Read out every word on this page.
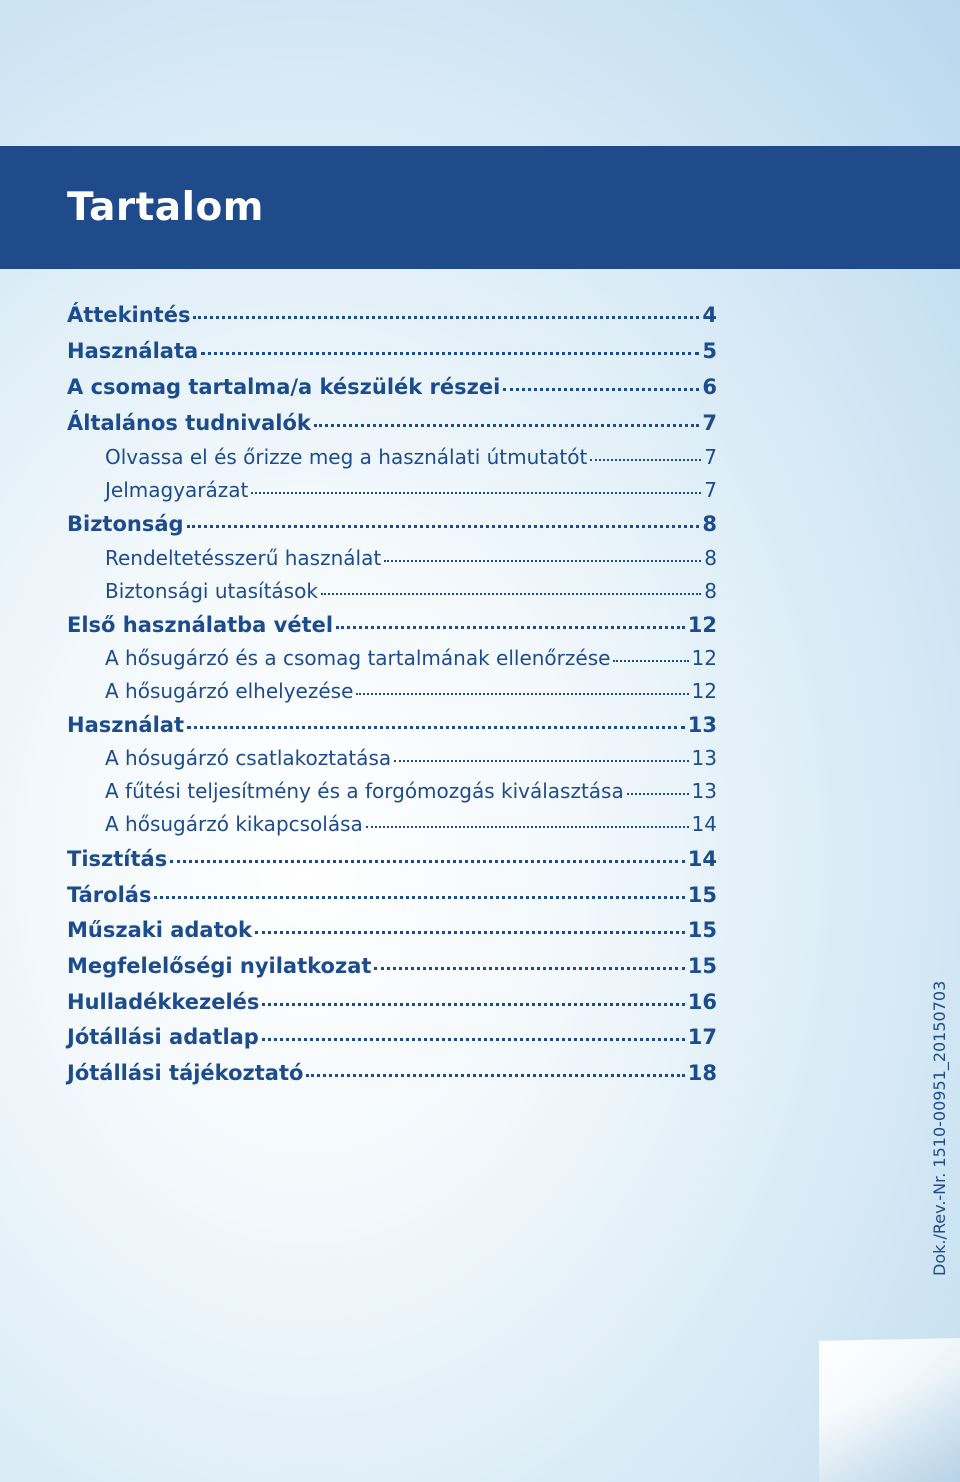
Tartalom
Áttekintés	4
Használata	5
A csomag tartalma/a készülék részei	6
Általános tudnivalók	7
Olvassa el és őrizze meg a használati útmutatót	7
Jelmagyarázat	7
Biztonság	8
Rendeltetésszerű használat	8
Biztonsági utasítások	8
Első használatba vétel	12
A hősugárzó és a csomag tartalmának ellenőrzése	12
A hősugárzó elhelyezése	12
Használat	13
A hósugárzó csatlakoztatása	13
A fűtési teljesítmény és a forgómozgás kiválasztása	13
A hősugárzó kikapcsolása	14
Tisztítás	14
Tárolás	15
Műszaki adatok	15
Megfelelőségi nyilatkozat	15
Hulladékkezelés	16
Jótállási adatlap	17
Jótállási tájékoztató	18	Dok./Rev.-Nr. 1510-00951_20150703
